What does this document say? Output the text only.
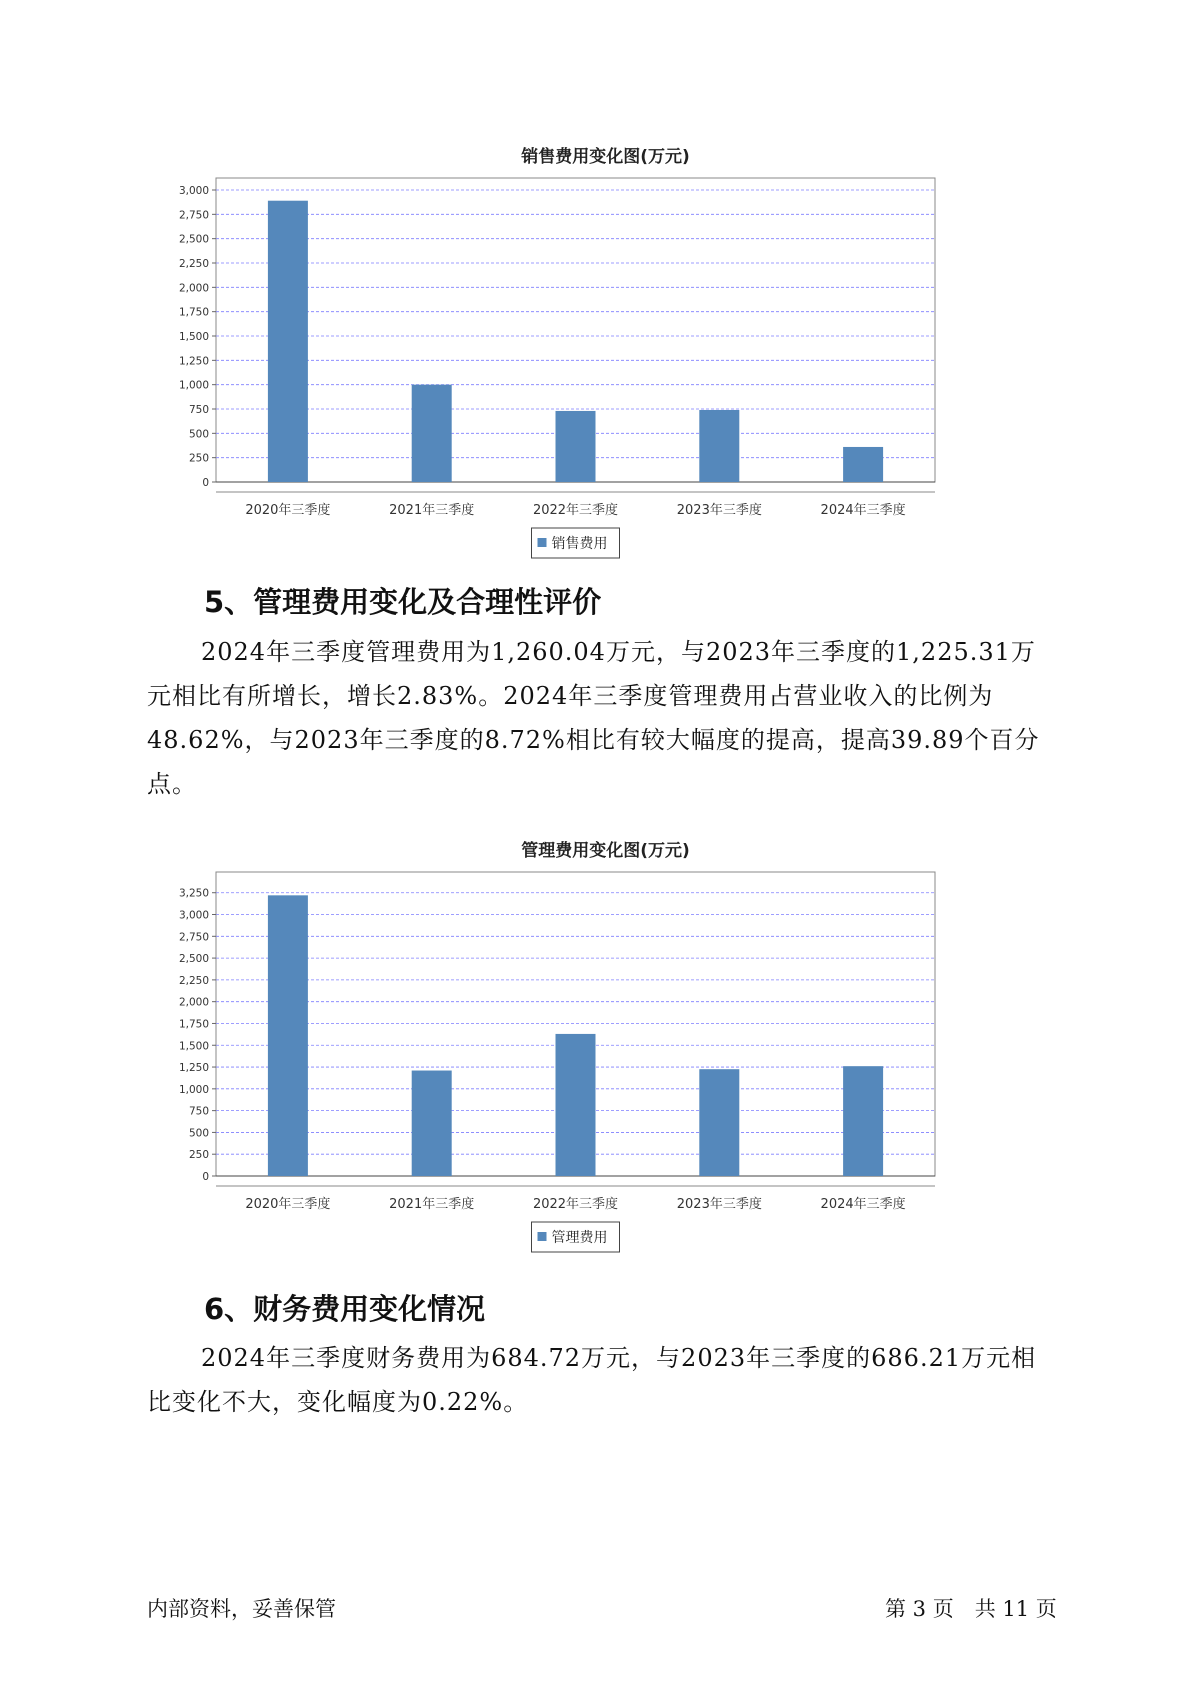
销售费用变化图(万元)
0
250
500
750
1,000
1,250
1,500
1,750
2,000
2,250
2,500
2,750
3,000
2020年三季度	2021年三季度	2022年三季度	2023年三季度	2024年三季度
销售费用
5、管理费用变化及合理性评价

2024年三季度管理费用为1,260.04万元，与2023年三季度的1,225.31万元相比有所增长，增长2.83%。2024年三季度管理费用占营业收入的比例为48.62%，与2023年三季度的8.72%相比有较大幅度的提高，提高39.89个百分点。

管理费用变化图(万元)
0
250
500
750
1,000
1,250
1,500
1,750
2,000
2,250
2,500
2,750
3,000
3,250
2020年三季度	2021年三季度	2022年三季度	2023年三季度	2024年三季度
管理费用
6、财务费用变化情况

2024年三季度财务费用为684.72万元，与2023年三季度的686.21万元相比变化不大，变化幅度为0.22%。

内部资料，妥善保管	第 3 页　共 11 页
